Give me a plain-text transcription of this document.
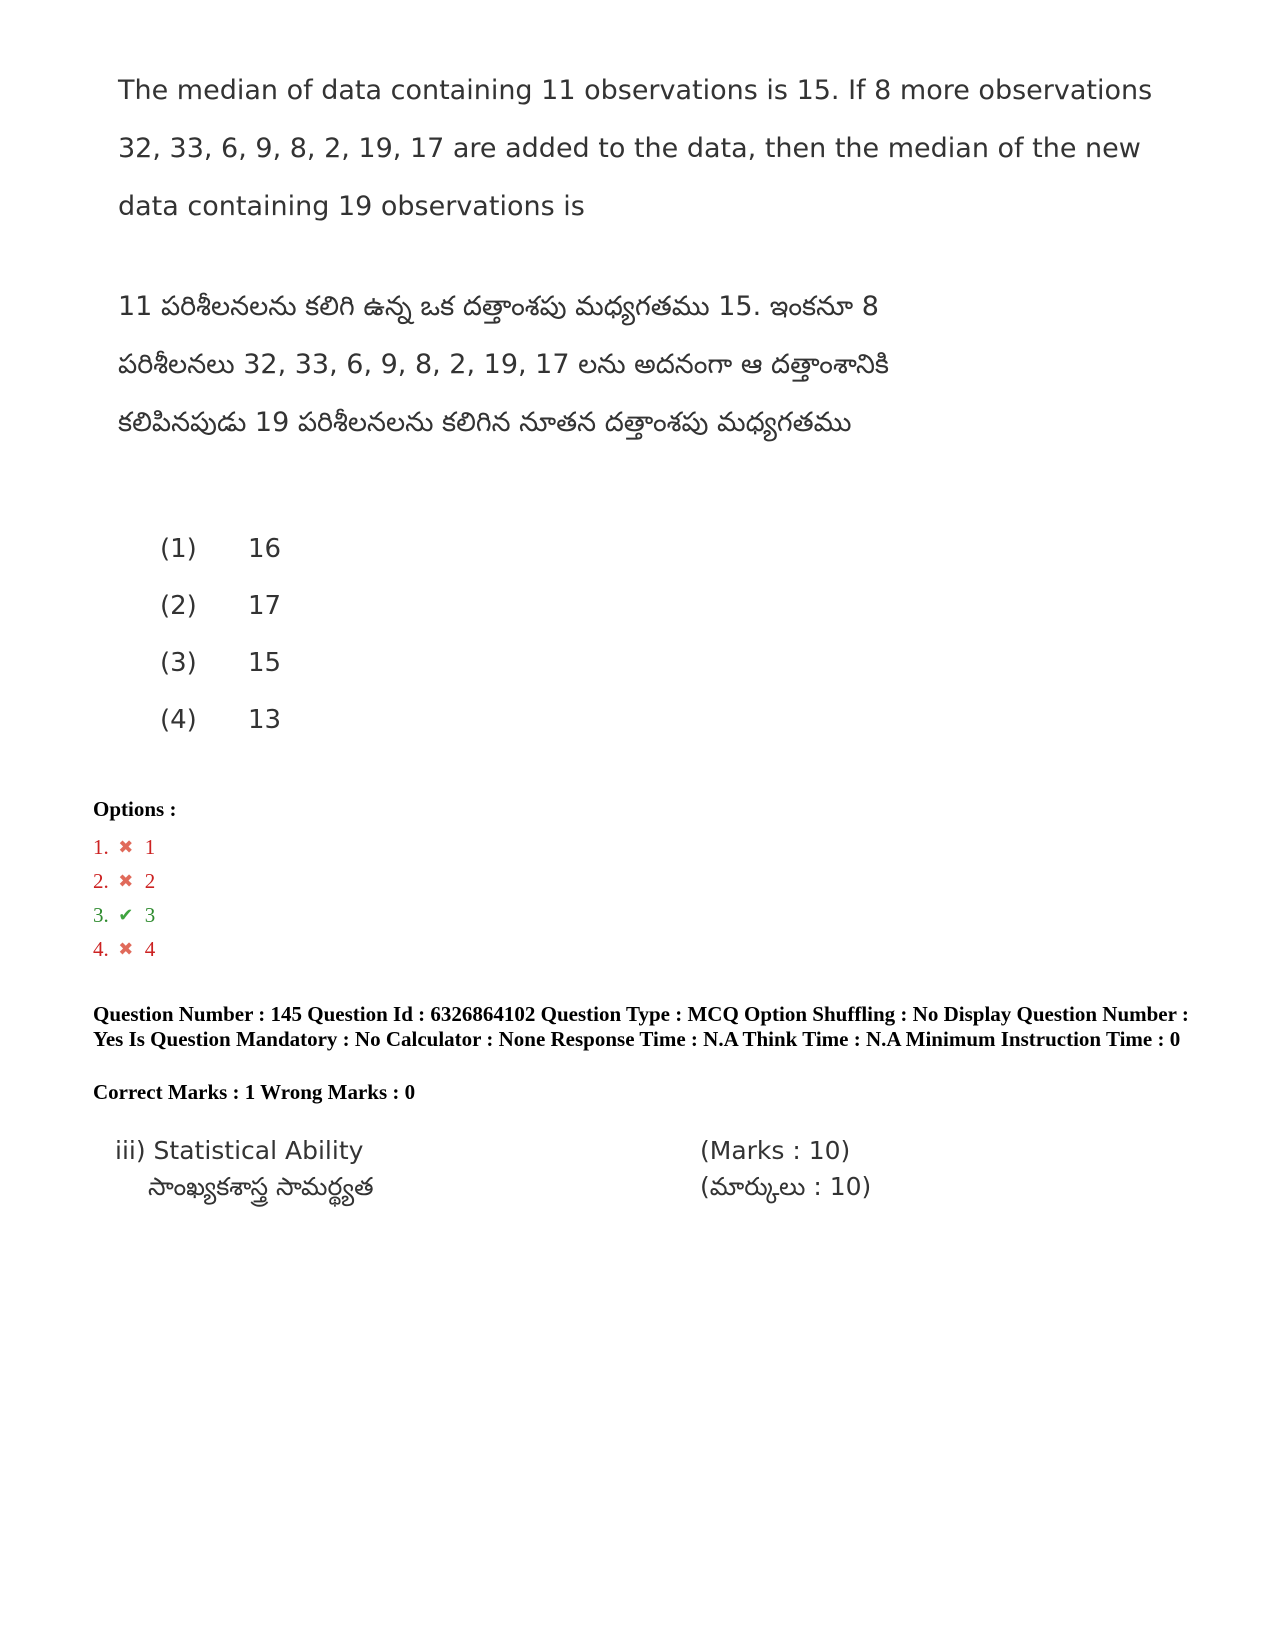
The median of data containing 11 observations is 15. If 8 more observations
32, 33, 6, 9, 8, 2, 19, 17 are added to the data, then the median of the new
data containing 19 observations is
11 పరిశీలనలను కలిగి ఉన్న ఒక దత్తాంశపు మధ్యగతము 15. ఇంకనూ 8
పరిశీలనలు 32, 33, 6, 9, 8, 2, 19, 17 లను అదనంగా ఆ దత్తాంశానికి
కలిపినపుడు 19 పరిశీలనలను కలిగిన నూతన దత్తాంశపు మధ్యగతము
(1)	16
(2)	17
(3)	15
(4)	13
Options :
1. ✖ 1
2. ✖ 2
3. ✔ 3
4. ✖ 4
Question Number : 145 Question Id : 6326864102 Question Type : MCQ Option Shuffling : No Display Question Number : Yes Is Question Mandatory : No Calculator : None Response Time : N.A Think Time : N.A Minimum Instruction Time : 0
Correct Marks : 1 Wrong Marks : 0
iii) Statistical Ability	(Marks : 10)
సాంఖ్యకశాస్త్ర సామర్థ్యత	(మార్కులు : 10)
